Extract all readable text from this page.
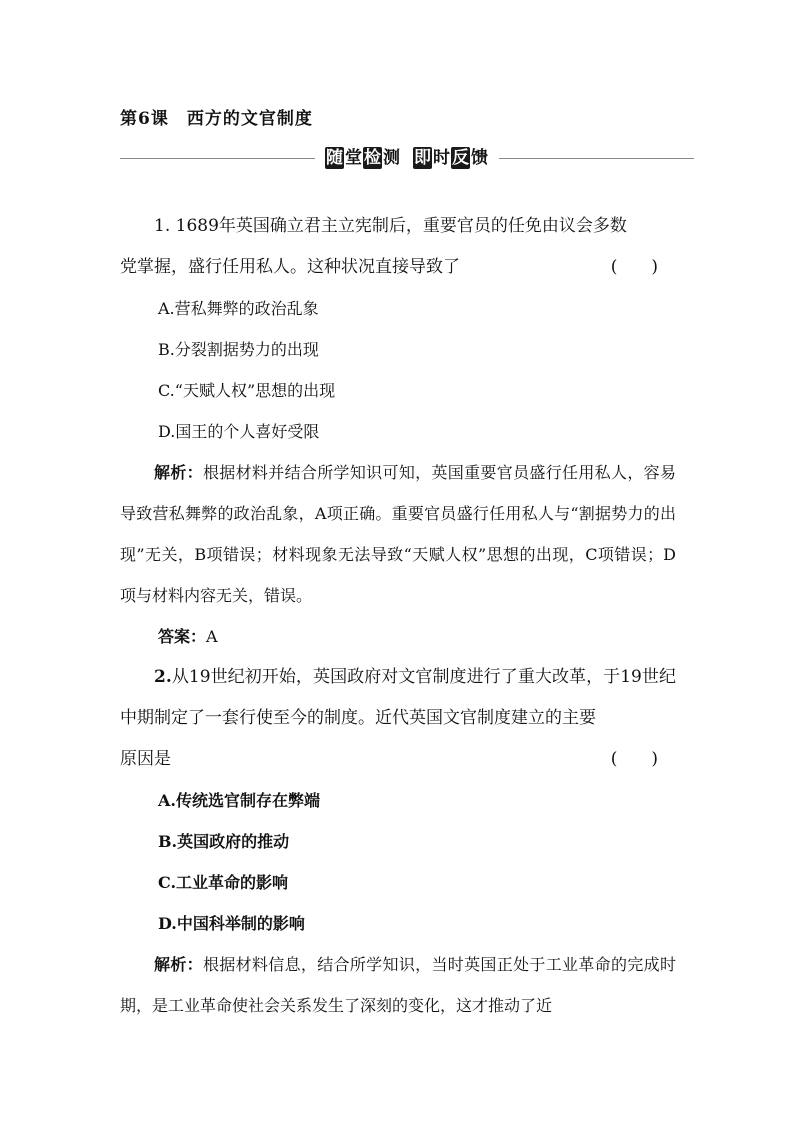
第6课　西方的文官制度
随 堂 检 测 即 时 反 馈

1. 1689年英国确立君主立宪制后，重要官员的任免由议会多数

党掌握，盛行任用私人。这种状况直接导致了	(　　)

A.营私舞弊的政治乱象

B.分裂割据势力的出现

C.“天赋人权”思想的出现

D.国王的个人喜好受限

解析：根据材料并结合所学知识可知，英国重要官员盛行任用私人，容易导致营私舞弊的政治乱象，A项正确。重要官员盛行任用私人与“割据势力的出现”无关，B项错误；材料现象无法导致“天赋人权”思想的出现，C项错误；D项与材料内容无关，错误。

答案：A

2.从19世纪初开始，英国政府对文官制度进行了重大改革，于19世纪中期制定了一套行使至今的制度。近代英国文官制度建立的主要

原因是	(　　)

A.传统选官制存在弊端

B.英国政府的推动

C.工业革命的影响

D.中国科举制的影响

解析：根据材料信息，结合所学知识，当时英国正处于工业革命的完成时期，是工业革命使社会关系发生了深刻的变化，这才推动了近
